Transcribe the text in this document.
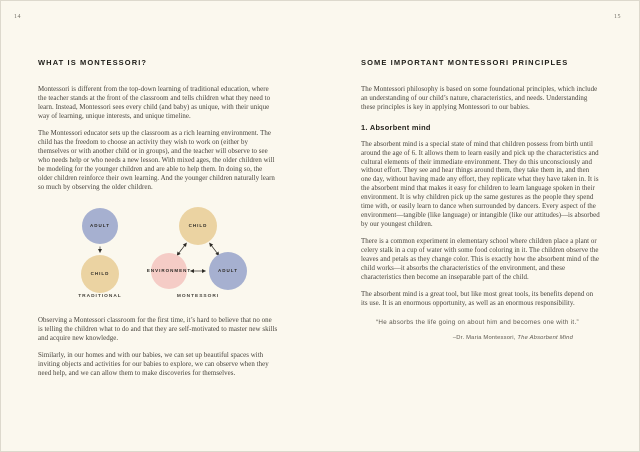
14	15
WHAT IS MONTESSORI?

Montessori is different from the top-down learning of traditional education, where the teacher stands at the front of the classroom and tells children what they need to learn. Instead, Montessori sees every child (and baby) as unique, with their unique way of learning, unique interests, and unique timeline.

The Montessori educator sets up the classroom as a rich learning environment. The child has the freedom to choose an activity they wish to work on (either by themselves or with another child or in groups), and the teacher will observe to see who needs help or who needs a new lesson. With mixed ages, the older children will be modeling for the younger children and are able to help them. In doing so, the older children reinforce their own learning. And the younger children naturally learn so much by observing the older children.

ADULT
CHILD
CHILD
ENVIRONMENT	ADULT
TRADITIONAL	MONTESSORI

Observing a Montessori classroom for the first time, it’s hard to believe that no one is telling the children what to do and that they are self-motivated to master new skills and acquire new knowledge.

Similarly, in our homes and with our babies, we can set up beautiful spaces with inviting objects and activities for our babies to explore, we can observe when they need help, and we can allow them to make discoveries for themselves.

SOME IMPORTANT MONTESSORI PRINCIPLES

The Montessori philosophy is based on some foundational principles, which include an understanding of our child’s nature, characteristics, and needs. Understanding these principles is key in applying Montessori to our babies.

1. Absorbent mind

The absorbent mind is a special state of mind that children possess from birth until around the age of 6. It allows them to learn easily and pick up the characteristics and cultural elements of their immediate environment. They do this unconsciously and without effort. They see and hear things around them, they take them in, and then one day, without having made any effort, they replicate what they have taken in. It is the absorbent mind that makes it easy for children to learn language spoken in their environment. It is why children pick up the same gestures as the people they spend time with, or easily learn to dance when surrounded by dancers. Every aspect of the environment—tangible (like language) or intangible (like our attitudes)—is absorbed by our youngest children.

There is a common experiment in elementary school where children place a plant or celery stalk in a cup of water with some food coloring in it. The children observe the leaves and petals as they change color. This is exactly how the absorbent mind of the child works—it absorbs the characteristics of the environment, and these characteristics then become an inseparable part of the child.

The absorbent mind is a great tool, but like most great tools, its benefits depend on its use. It is an enormous opportunity, as well as an enormous responsibility.

“He absorbs the life going on about him and becomes one with it.”
–Dr. Maria Montessori, The Absorbent Mind
